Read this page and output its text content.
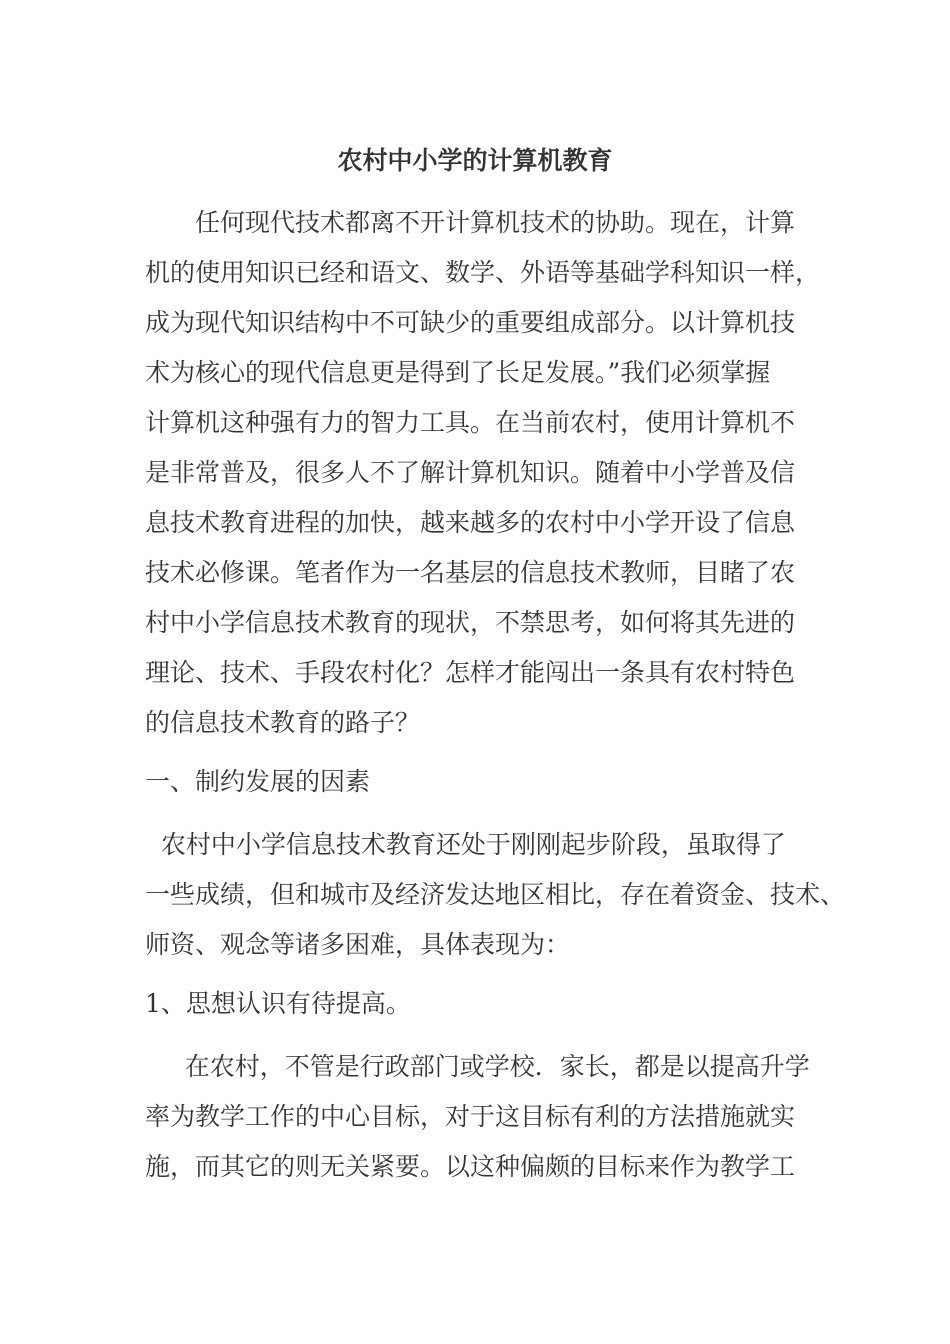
农村中小学的计算机教育
　　任何现代技术都离不开计算机技术的协助。现在，计算
机的使用知识已经和语文、数学、外语等基础学科知识一样，
成为现代知识结构中不可缺少的重要组成部分。以计算机技
术为核心的现代信息更是得到了长足发展。”我们必须掌握
计算机这种强有力的智力工具。在当前农村，使用计算机不
是非常普及，很多人不了解计算机知识。随着中小学普及信
息技术教育进程的加快，越来越多的农村中小学开设了信息
技术必修课。笔者作为一名基层的信息技术教师，目睹了农
村中小学信息技术教育的现状，不禁思考，如何将其先进的
理论、技术、手段农村化？怎样才能闯出一条具有农村特色
的信息技术教育的路子？
一、制约发展的因素
农村中小学信息技术教育还处于刚刚起步阶段，虽取得了
一些成绩，但和城市及经济发达地区相比，存在着资金、技术、
师资、观念等诸多困难，具体表现为：
1、思想认识有待提高。
在农村，不管是行政部门或学校．家长，都是以提高升学
率为教学工作的中心目标，对于这目标有利的方法措施就实
施，而其它的则无关紧要。以这种偏颇的目标来作为教学工
